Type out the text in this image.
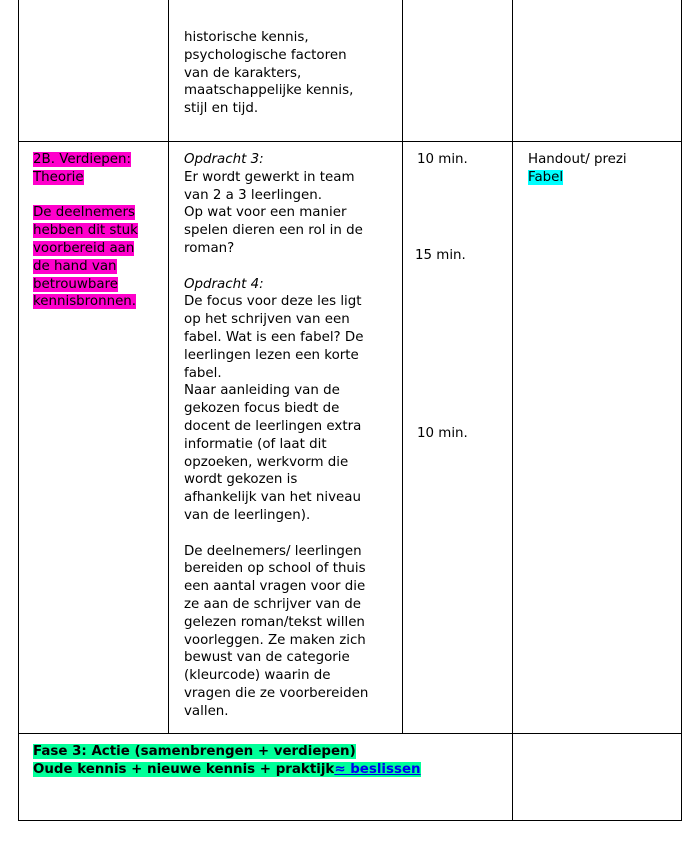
historische kennis,
psychologische factoren
van de karakters,
maatschappelijke kennis,
stijl en tijd.
2B. Verdiepen:
Theorie
De deelnemers
hebben dit stuk
voorbereid aan
de hand van
betrouwbare
kennisbronnen.
Opdracht 3:
Er wordt gewerkt in team
van 2 a 3 leerlingen.
Op wat voor een manier
spelen dieren een rol in de
roman?
Opdracht 4:
De focus voor deze les ligt
op het schrijven van een
fabel. Wat is een fabel? De
leerlingen lezen een korte
fabel.
Naar aanleiding van de
gekozen focus biedt de
docent de leerlingen extra
informatie (of laat dit
opzoeken, werkvorm die
wordt gekozen is
afhankelijk van het niveau
van de leerlingen).
De deelnemers/ leerlingen
bereiden op school of thuis
een aantal vragen voor die
ze aan de schrijver van de
gelezen roman/tekst willen
voorleggen. Ze maken zich
bewust van de categorie
(kleurcode) waarin de
vragen die ze voorbereiden
vallen.
10 min.
15 min.
10 min.
Handout/ prezi
Fabel
Fase 3: Actie (samenbrengen + verdiepen)
Oude kennis + nieuwe kennis + praktijk≈ beslissen
